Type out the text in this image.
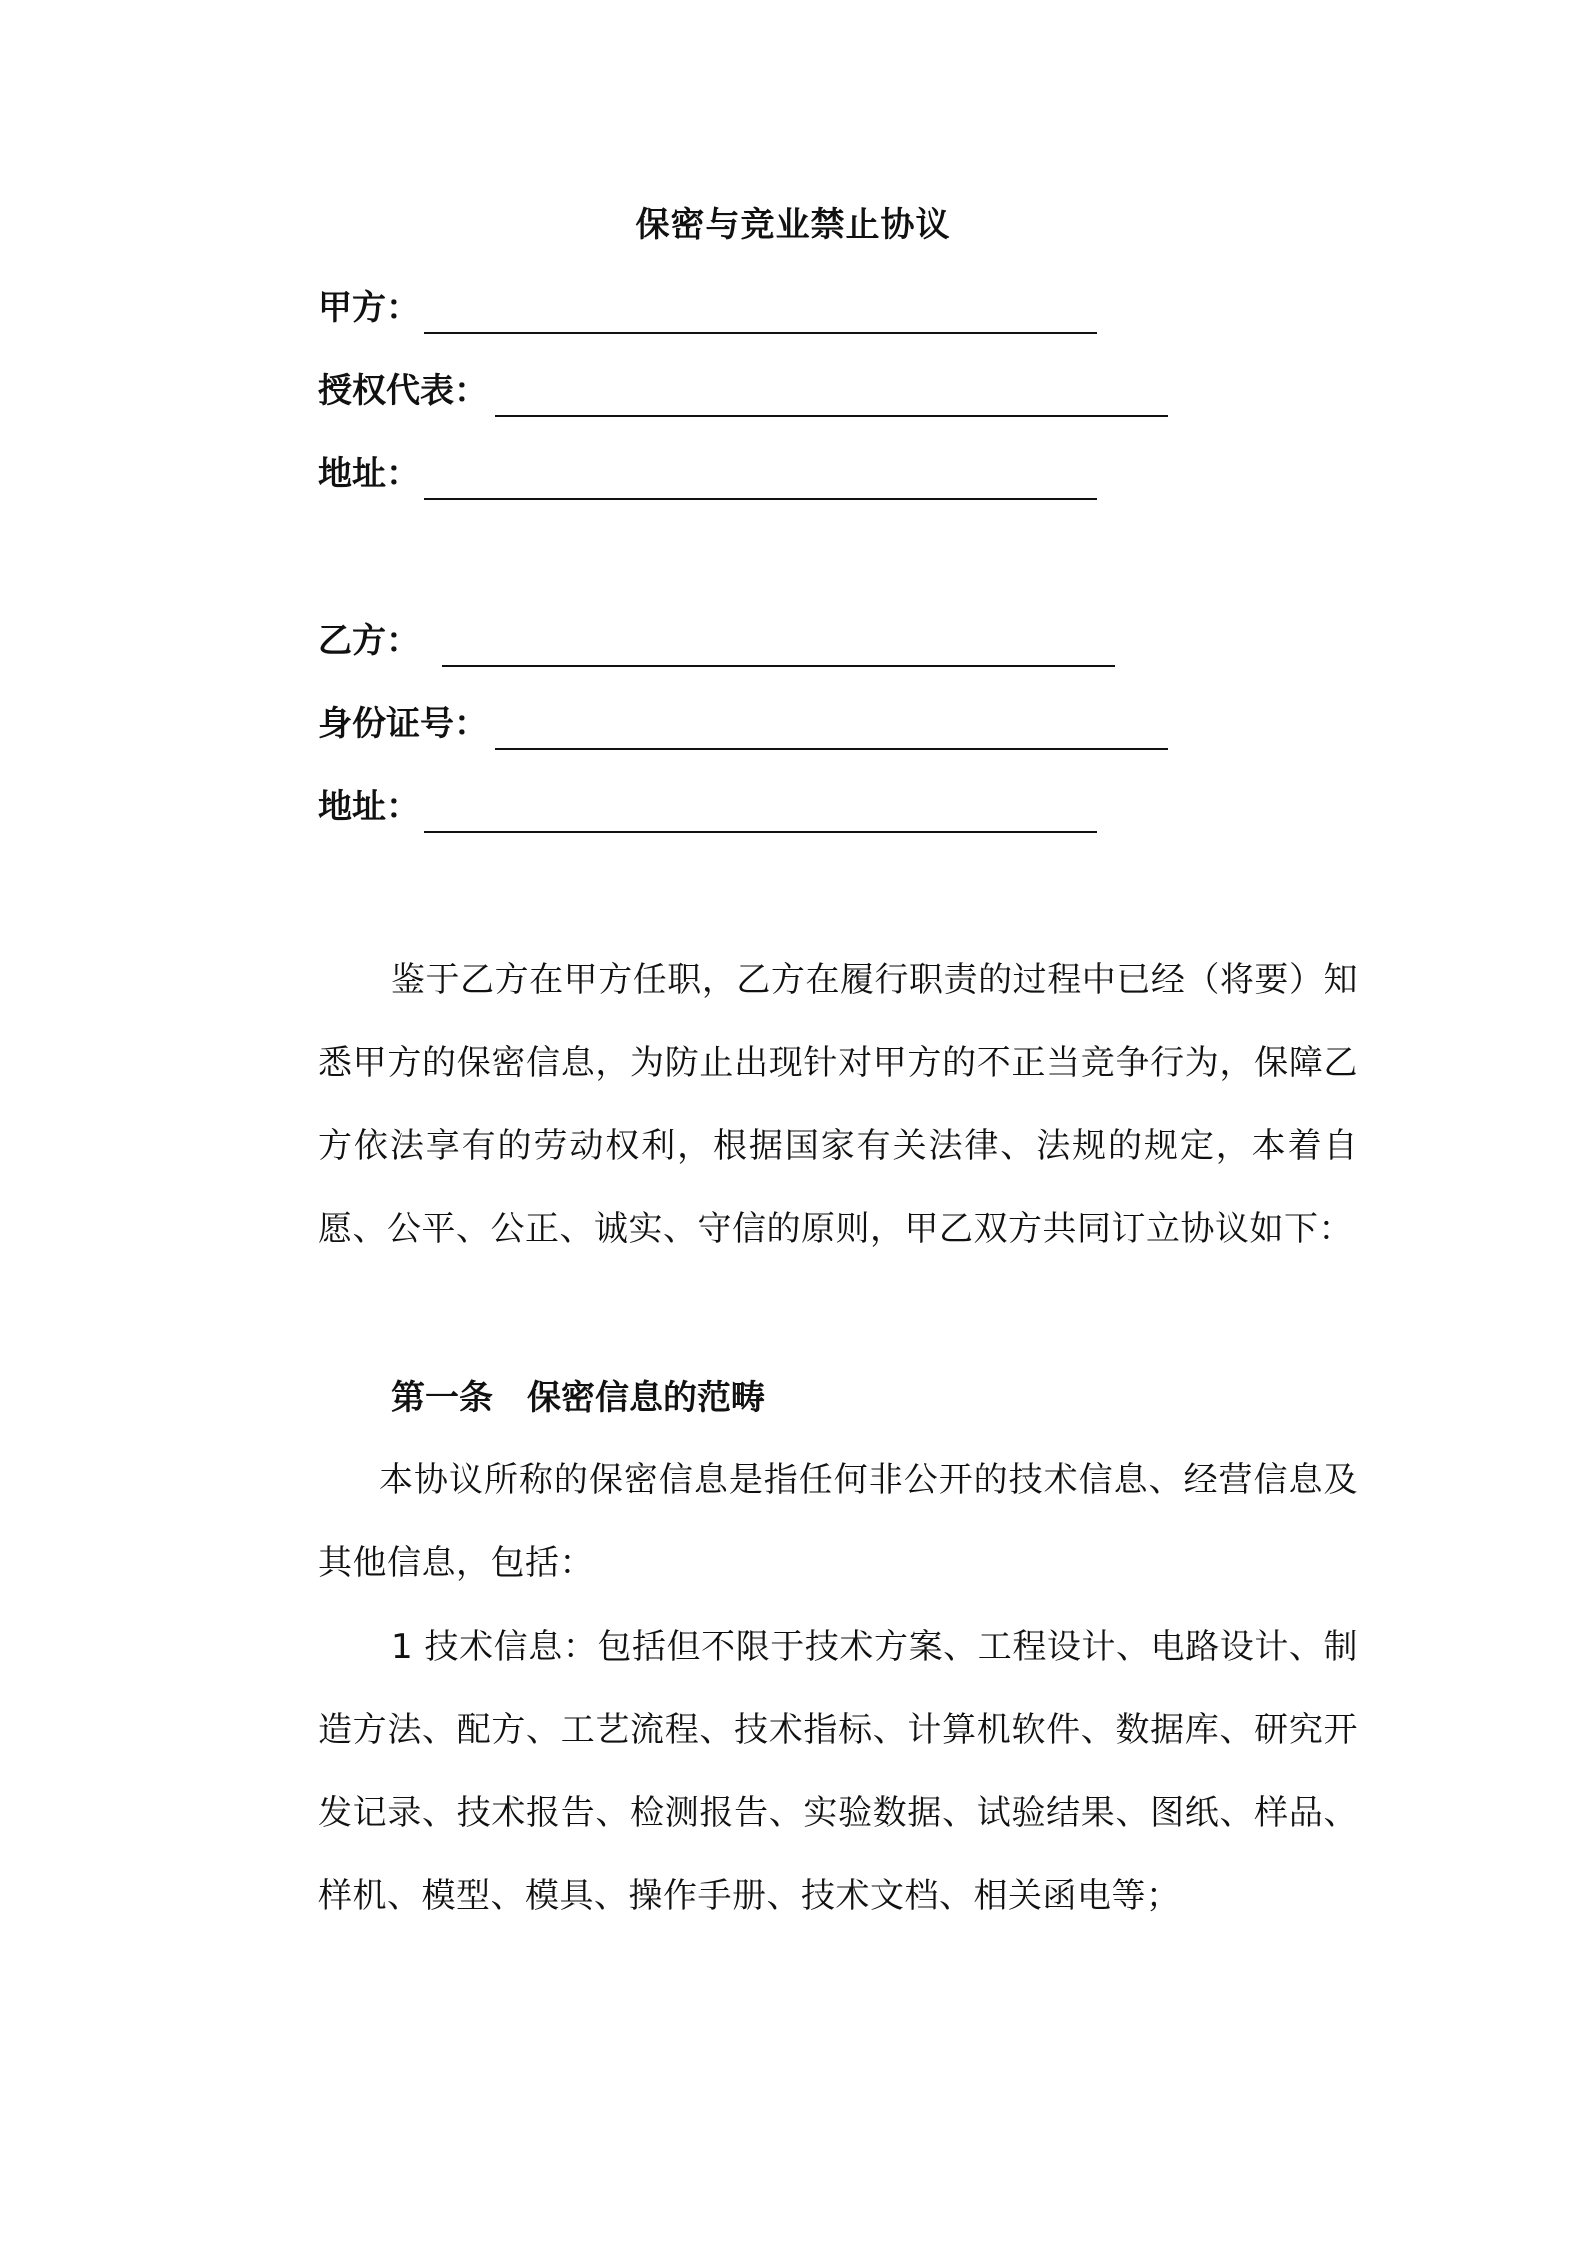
保密与竞业禁止协议
甲方：
授权代表：
地址：
乙方：
身份证号：
地址：
鉴于乙方在甲方任职，乙方在履行职责的过程中已经（将要）知悉甲方的保密信息，为防止出现针对甲方的不正当竞争行为，保障乙方依法享有的劳动权利，根据国家有关法律、法规的规定，本着自愿、公平、公正、诚实、守信的原则，甲乙双方共同订立协议如下：
第一条　保密信息的范畴
本协议所称的保密信息是指任何非公开的技术信息、经营信息及其他信息，包括：
1 技术信息：包括但不限于技术方案、工程设计、电路设计、制造方法、配方、工艺流程、技术指标、计算机软件、数据库、研究开发记录、技术报告、检测报告、实验数据、试验结果、图纸、样品、样机、模型、模具、操作手册、技术文档、相关函电等；
